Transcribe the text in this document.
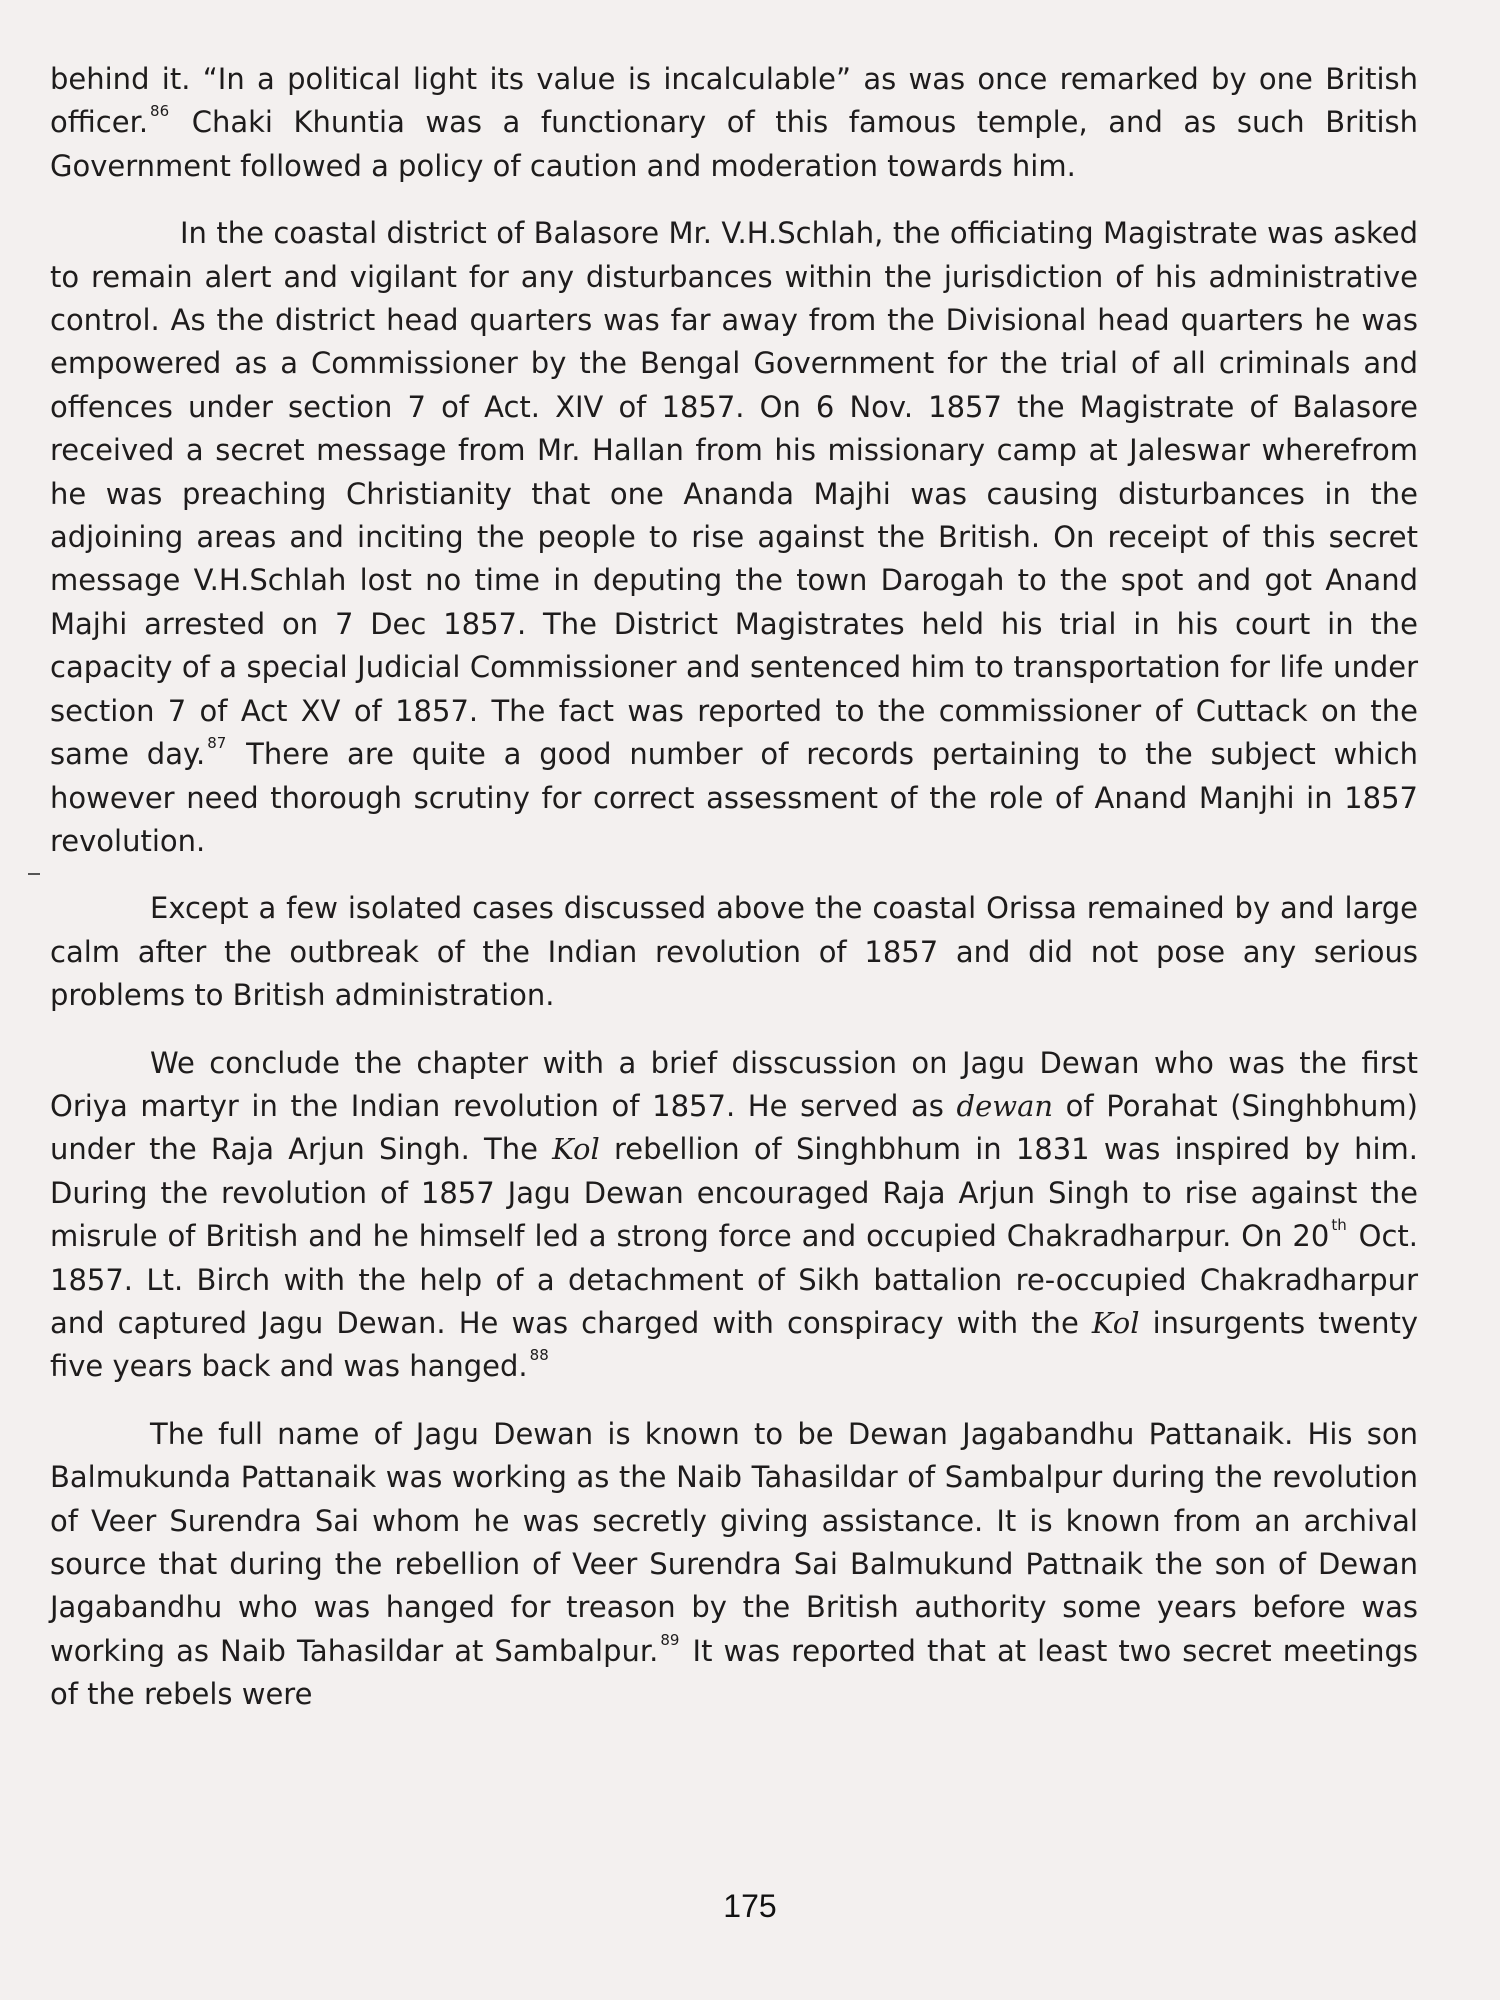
behind it. “In a political light its value is incalculable” as was once remarked by one British officer. $^{86}$ Chaki Khuntia was a functionary of this famous temple, and as such British Government followed a policy of caution and moderation towards him.

In the coastal district of Balasore Mr. V.H.Schlah, the officiating Magistrate was asked to remain alert and vigilant for any disturbances within the jurisdiction of his administrative control. As the district head quarters was far away from the Divisional head quarters he was empowered as a Commissioner by the Bengal Government for the trial of all criminals and offences under section 7 of Act. XIV of 1857. On 6 Nov. 1857 the Magistrate of Balasore received a secret message from Mr. Hallan from his missionary camp at Jaleswar wherefrom he was preaching Christianity that one Ananda Majhi was causing disturbances in the adjoining areas and inciting the people to rise against the British. On receipt of this secret message V.H.Schlah lost no time in deputing the town Darogah to the spot and got Anand Majhi arrested on 7 Dec 1857. The District Magistrates held his trial in his court in the capacity of a special Judicial Commissioner and sentenced him to transportation for life under section 7 of Act XV of 1857. The fact was reported to the commissioner of Cuttack on the same day. $^{87}$ There are quite a good number of records pertaining to the subject which however need thorough scrutiny for correct assessment of the role of Anand Manjhi in 1857 revolution.

Except a few isolated cases discussed above the coastal Orissa remained by and large calm after the outbreak of the Indian revolution of 1857 and did not pose any serious problems to British administration.

We conclude the chapter with a brief disscussion on Jagu Dewan who was the first Oriya martyr in the Indian revolution of 1857. He served as dewan of Porahat (Singhbhum) under the Raja Arjun Singh. The Kol rebellion of Singhbhum in 1831 was inspired by him. During the revolution of 1857 Jagu Dewan encouraged Raja Arjun Singh to rise against the misrule of British and he himself led a strong force and occupied Chakradharpur. On 20 $^{th}$ Oct. 1857. Lt. Birch with the help of a detachment of Sikh battalion re-occupied Chakradharpur and captured Jagu Dewan. He was charged with conspiracy with the Kol insurgents twenty five years back and was hanged. $^{88}$

The full name of Jagu Dewan is known to be Dewan Jagabandhu Pattanaik. His son Balmukunda Pattanaik was working as the Naib Tahasildar of Sambalpur during the revolution of Veer Surendra Sai whom he was secretly giving assistance. It is known from an archival source that during the rebellion of Veer Surendra Sai Balmukund Pattnaik the son of Dewan Jagabandhu who was hanged for treason by the British authority some years before was working as Naib Tahasildar at Sambalpur. $^{89}$ It was reported that at least two secret meetings of the rebels were

175
